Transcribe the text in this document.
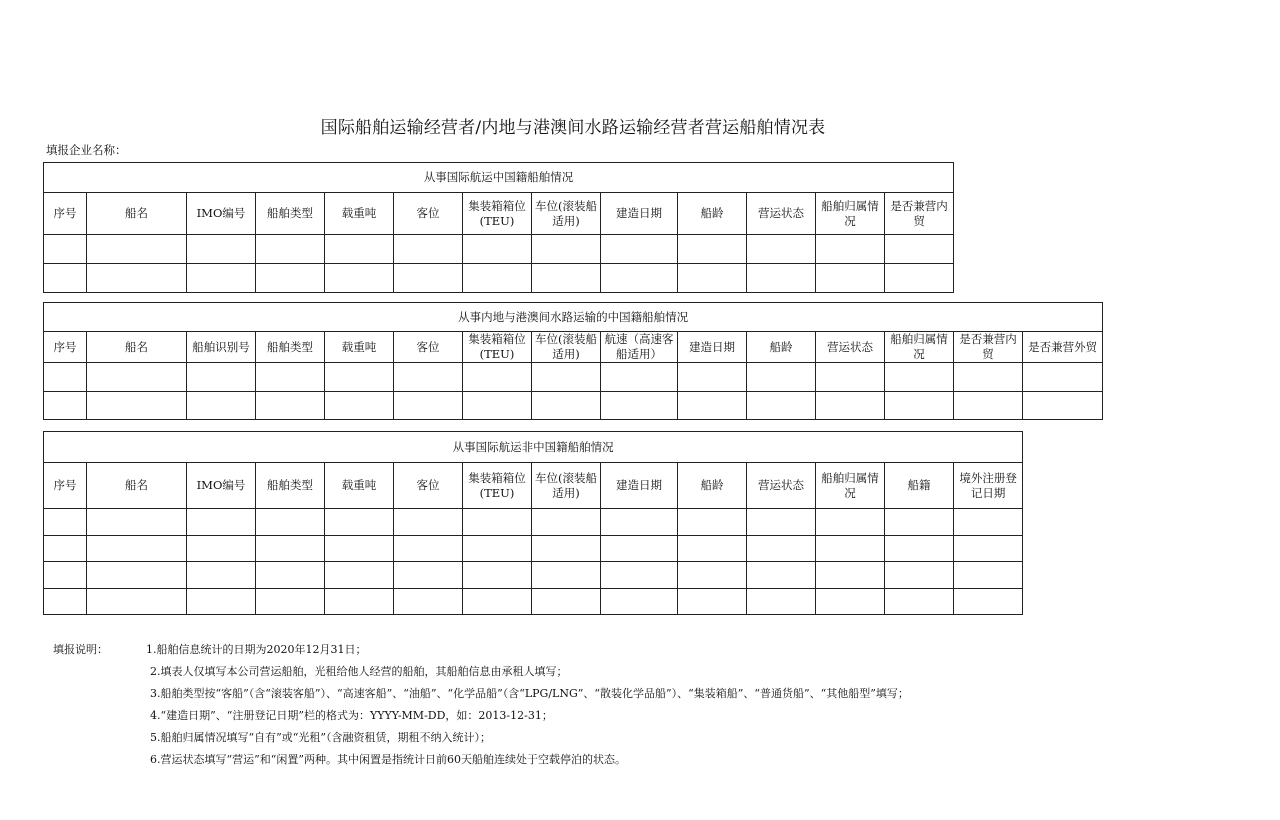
国际船舶运输经营者/内地与港澳间水路运输经营者营运船舶情况表
填报企业名称：
从事国际航运中国籍船舶情况												
序号	船名	IMO编号	船舶类型	载重吨	客位	集装箱箱位(TEU)	车位(滚装船适用)	建造日期	船龄	营运状态	船舶归属情况	是否兼营内贸

从事内地与港澳间水路运输的中国籍船舶情况														
序号	船名	船舶识别号	船舶类型	载重吨	客位	集装箱箱位(TEU)	车位(滚装船适用)	航速（高速客船适用）	建造日期	船龄	营运状态	船舶归属情况	是否兼营内贸	是否兼营外贸

从事国际航运非中国籍船舶情况													
序号	船名	IMO编号	船舶类型	载重吨	客位	集装箱箱位(TEU)	车位(滚装船适用)	建造日期	船龄	营运状态	船舶归属情况	船籍	境外注册登记日期

填报说明：	1.船舶信息统计的日期为2020年12月31日；
2.填表人仅填写本公司营运船舶，光租给他人经营的船舶，其船舶信息由承租人填写；
3.船舶类型按“客船”（含“滚装客船”）、“高速客船”、“油船”、“化学品船”（含“LPG/LNG”、“散装化学品船”）、“集装箱船”、“普通货船”、“其他船型”填写；
4.“建造日期”、“注册登记日期”栏的格式为：YYYY-MM-DD，如：2013-12-31；
5.船舶归属情况填写“自有”或“光租”（含融资租赁，期租不纳入统计）；
6.营运状态填写“营运”和“闲置”两种。其中闲置是指统计日前60天船舶连续处于空载停泊的状态。
